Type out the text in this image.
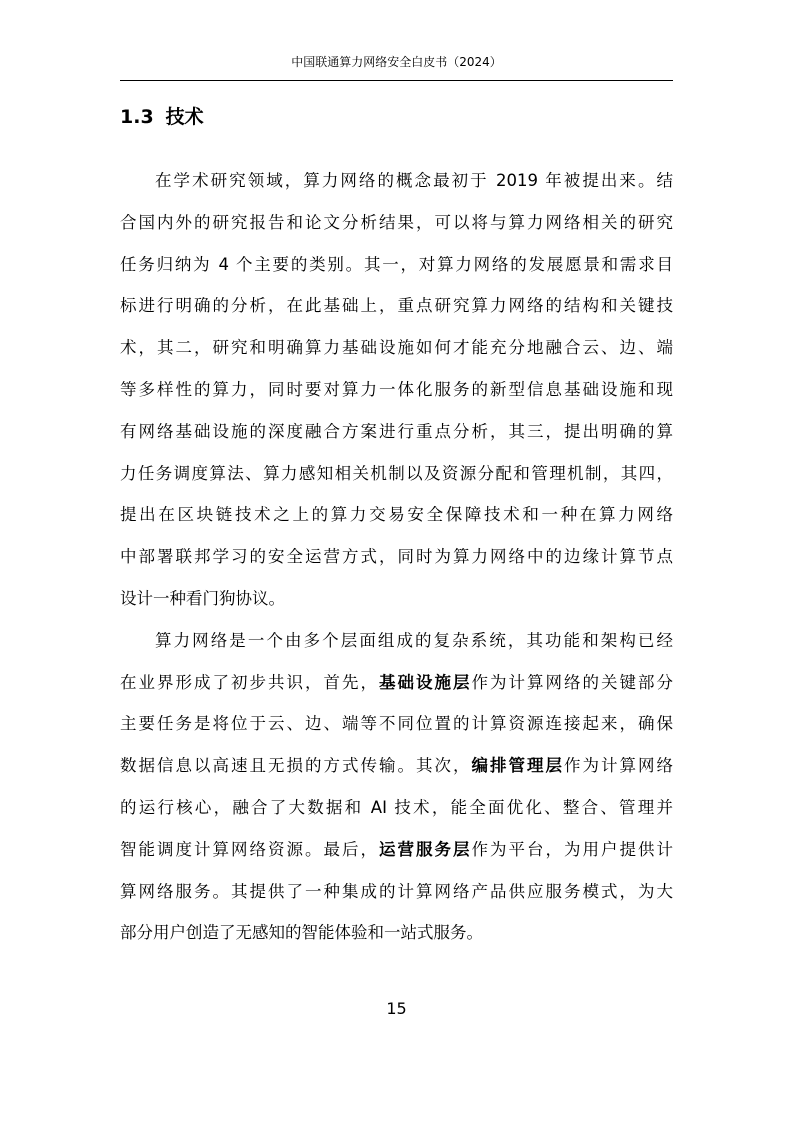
中国联通算力网络安全白皮书（2024）
1.3 技术

在学术研究领域，算力网络的概念最初于 2019 年被提出来。结
合国内外的研究报告和论文分析结果，可以将与算力网络相关的研究
任务归纳为 4 个主要的类别。其一，对算力网络的发展愿景和需求目
标进行明确的分析，在此基础上，重点研究算力网络的结构和关键技
术，其二，研究和明确算力基础设施如何才能充分地融合云、边、端
等多样性的算力，同时要对算力一体化服务的新型信息基础设施和现
有网络基础设施的深度融合方案进行重点分析，其三，提出明确的算
力任务调度算法、算力感知相关机制以及资源分配和管理机制，其四，
提出在区块链技术之上的算力交易安全保障技术和一种在算力网络
中部署联邦学习的安全运营方式，同时为算力网络中的边缘计算节点
设计一种看门狗协议。

算力网络是一个由多个层面组成的复杂系统，其功能和架构已经
在业界形成了初步共识，首先，基础设施层作为计算网络的关键部分
主要任务是将位于云、边、端等不同位置的计算资源连接起来，确保
数据信息以高速且无损的方式传输。其次，编排管理层作为计算网络
的运行核心，融合了大数据和 AI 技术，能全面优化、整合、管理并
智能调度计算网络资源。最后，运营服务层作为平台，为用户提供计
算网络服务。其提供了一种集成的计算网络产品供应服务模式，为大
部分用户创造了无感知的智能体验和一站式服务。

15
